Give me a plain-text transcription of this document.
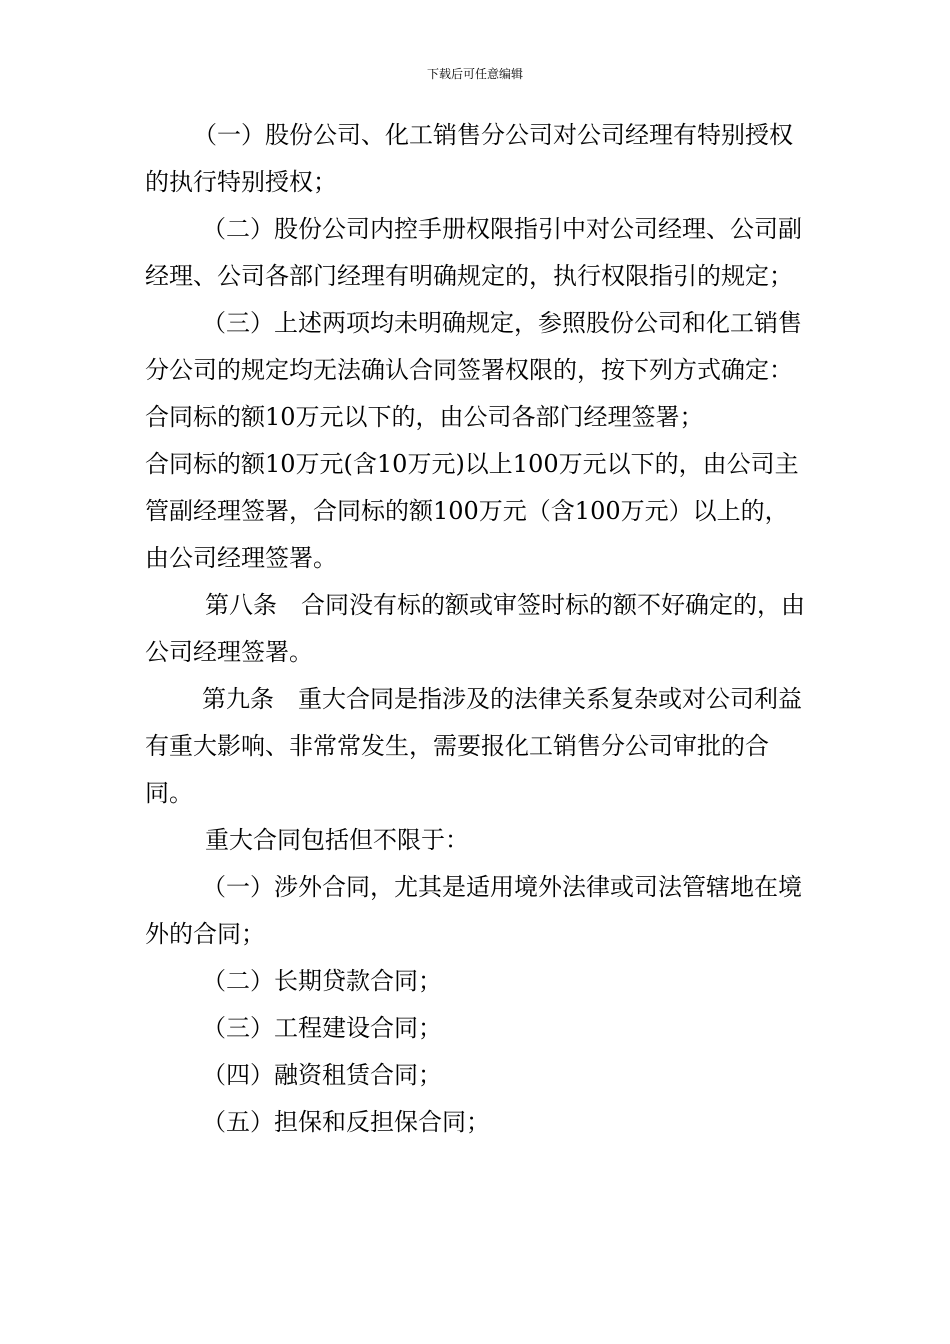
下载后可任意编辑

（一）股份公司、化工销售分公司对公司经理有特别授权的执行特别授权；

（二）股份公司内控手册权限指引中对公司经理、公司副经理、公司各部门经理有明确规定的，执行权限指引的规定；

（三）上述两项均未明确规定，参照股份公司和化工销售分公司的规定均无法确认合同签署权限的，按下列方式确定：合同标的额10万元以下的，由公司各部门经理签署；

合同标的额10万元(含10万元)以上100万元以下的，由公司主管副经理签署，合同标的额100万元（含100万元）以上的，由公司经理签署。

第八条　合同没有标的额或审签时标的额不好确定的，由公司经理签署。

第九条　重大合同是指涉及的法律关系复杂或对公司利益有重大影响、非常常发生，需要报化工销售分公司审批的合同。

重大合同包括但不限于：

（一）涉外合同，尤其是适用境外法律或司法管辖地在境外的合同；

（二）长期贷款合同；

（三）工程建设合同；

（四）融资租赁合同；

（五）担保和反担保合同；
